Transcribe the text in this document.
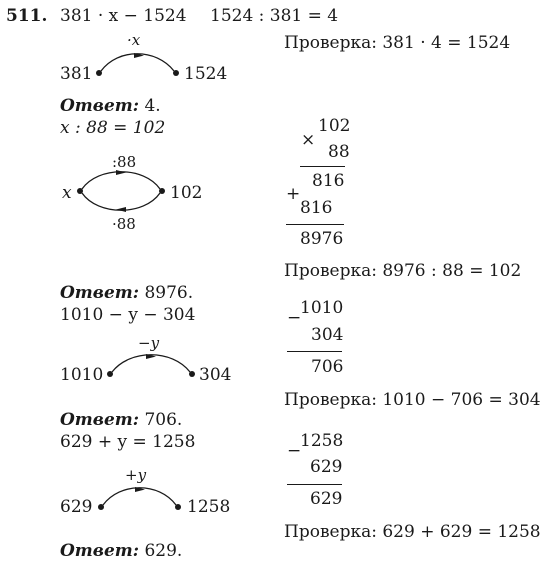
511. 381 · x − 1524 1524 : 381 = 4
Проверка: 381 · 4 = 1524
·x
381	1524
Ответ: 4.
x : 88 = 102
:88
x	102
·88
×
102
88
816
+
816
8976
Проверка: 8976 : 88 = 102
Ответ: 8976.
1010 − y − 304
−y
1010	304
−
1010
304
706
Проверка: 1010 − 706 = 304
Ответ: 706.
629 + y = 1258
+y
629	1258
−
1258
629
629
Проверка: 629 + 629 = 1258
Ответ: 629.
